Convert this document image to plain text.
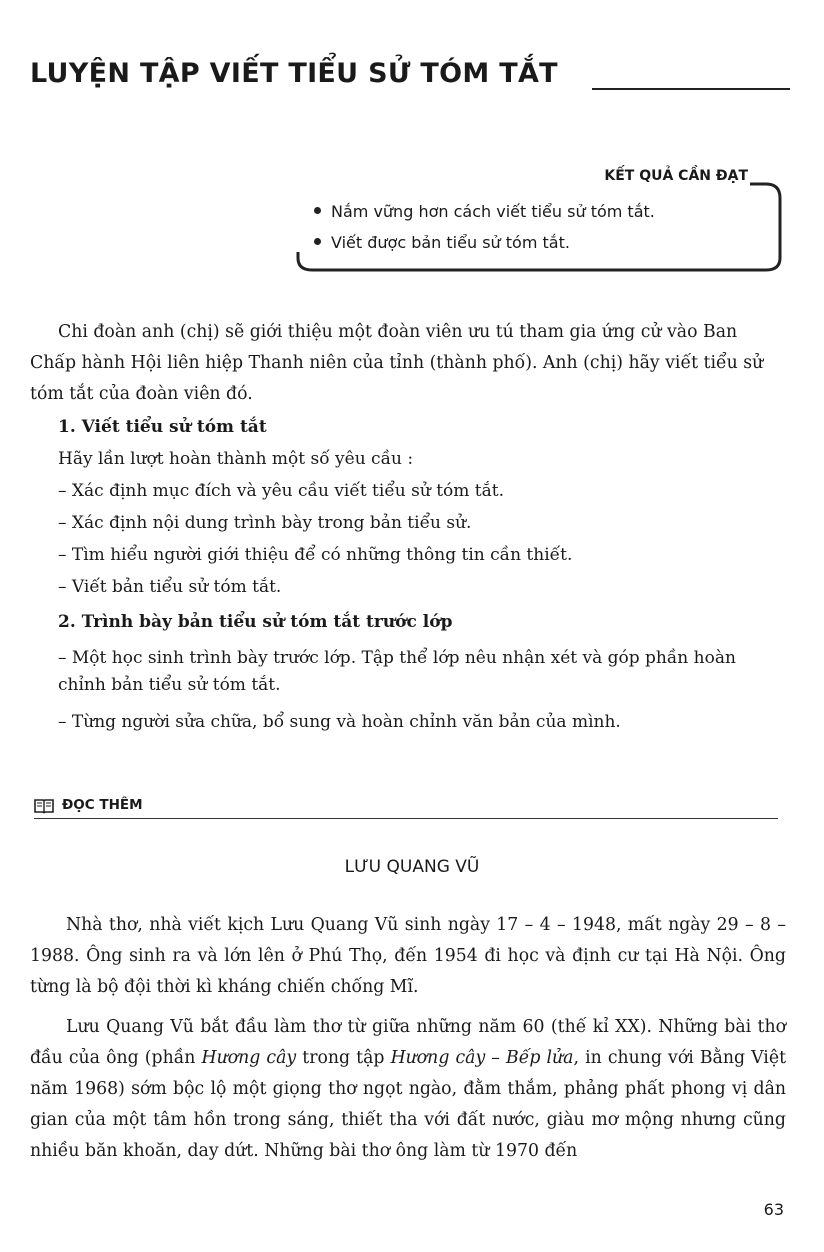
LUYỆN TẬP VIẾT TIỂU SỬ TÓM TẮT
KẾT QUẢ CẦN ĐẠT
Nắm vững hơn cách viết tiểu sử tóm tắt.
Viết được bản tiểu sử tóm tắt.

Chi đoàn anh (chị) sẽ giới thiệu một đoàn viên ưu tú tham gia ứng cử vào Ban Chấp hành Hội liên hiệp Thanh niên của tỉnh (thành phố). Anh (chị) hãy viết tiểu sử tóm tắt của đoàn viên đó.

1. Viết tiểu sử tóm tắt
Hãy lần lượt hoàn thành một số yêu cầu :
– Xác định mục đích và yêu cầu viết tiểu sử tóm tắt.
– Xác định nội dung trình bày trong bản tiểu sử.
– Tìm hiểu người giới thiệu để có những thông tin cần thiết.
– Viết bản tiểu sử tóm tắt.
2. Trình bày bản tiểu sử tóm tắt trước lớp
– Một học sinh trình bày trước lớp. Tập thể lớp nêu nhận xét và góp phần hoàn chỉnh bản tiểu sử tóm tắt.
– Từng người sửa chữa, bổ sung và hoàn chỉnh văn bản của mình.
ĐỌC THÊM
LƯU QUANG VŨ

Nhà thơ, nhà viết kịch Lưu Quang Vũ sinh ngày 17 – 4 – 1948, mất ngày 29 – 8 – 1988. Ông sinh ra và lớn lên ở Phú Thọ, đến 1954 đi học và định cư tại Hà Nội. Ông từng là bộ đội thời kì kháng chiến chống Mĩ.

Lưu Quang Vũ bắt đầu làm thơ từ giữa những năm 60 (thế kỉ XX). Những bài thơ đầu của ông (phần Hương cây trong tập Hương cây – Bếp lửa, in chung với Bằng Việt năm 1968) sớm bộc lộ một giọng thơ ngọt ngào, đằm thắm, phảng phất phong vị dân gian của một tâm hồn trong sáng, thiết tha với đất nước, giàu mơ mộng nhưng cũng nhiều băn khoăn, day dứt. Những bài thơ ông làm từ 1970 đến

63
